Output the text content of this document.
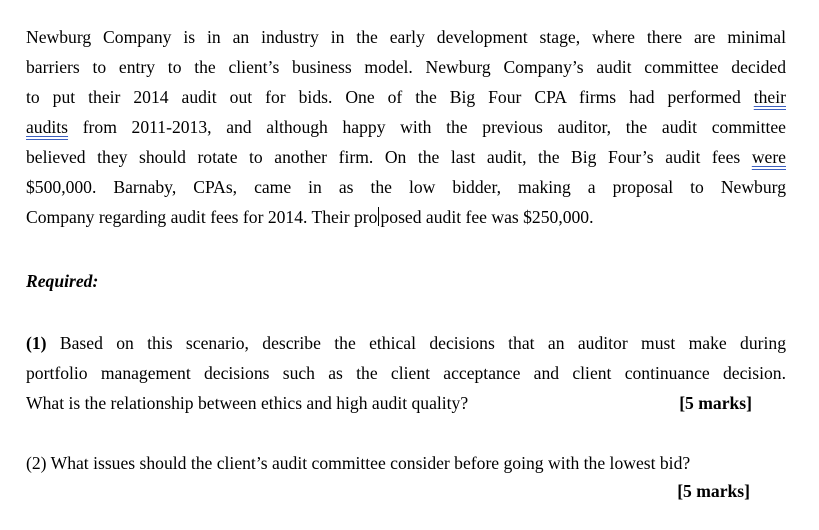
Newburg Company is in an industry in the early development stage, where there are minimal
barriers to entry to the client’s business model. Newburg Company’s audit committee decided
to put their 2014 audit out for bids. One of the Big Four CPA firms had performed their
audits from 2011-2013, and although happy with the previous auditor, the audit committee
believed they should rotate to another firm. On the last audit, the Big Four’s audit fees were
$500,000. Barnaby, CPAs, came in as the low bidder, making a proposal to Newburg
Company regarding audit fees for 2014. Their pro posed audit fee was $250,000.
Required:
(1) Based on this scenario, describe the ethical decisions that an auditor must make during
portfolio management decisions such as the client acceptance and client continuance decision.
What is the relationship between ethics and high audit quality?	[5 marks]
(2) What issues should the client’s audit committee consider before going with the lowest bid?
[5 marks]
